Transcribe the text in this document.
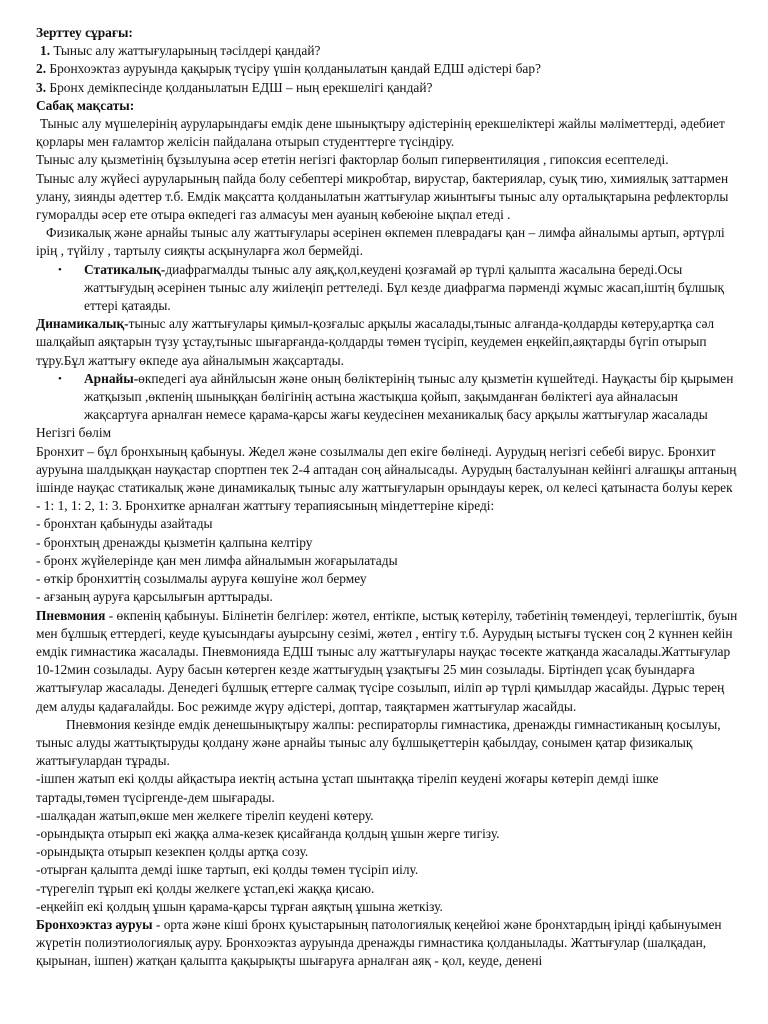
Зерттеу сұрағы:

1. Тыныс алу жаттығуларының тәсілдері қандай?

2. Бронхоэктаз ауруында қақырық түсіру үшін қолданылатын қандай ЕДШ әдістері бар?

3. Бронх демікпесінде қолданылатын ЕДШ – ның ерекшелігі қандай?

Сабақ мақсаты:

Тыныс алу мүшелерінің ауруларындағы емдік дене шынықтыру әдістерінің ерекшеліктері жайлы мәліметтерді, әдебиет қорлары мен ғаламтор желісін пайдалана отырып студенттерге түсіндіру.

Тыныс алу қызметінің бұзылуына әсер ететін негізгі факторлар болып гипервентиляция , гипоксия есептеледі.

Тыныс алу жүйесі ауруларының пайда болу себептері микробтар, вирустар, бактериялар, суық тию, химиялық заттармен улану, зиянды әдеттер т.б. Емдік мақсатта қолданылатын жаттығулар жиынтығы тыныс алу орталықтарына рефлекторлы гуморалды әсер ете отыра өкпедегі газ алмасуы мен ауаның көбеюіне ықпал етеді .

Физикалық және арнайы тыныс алу жаттығулары әсерінен өкпемен плеврадағы қан – лимфа айналымы артып, әртүрлі ірің , түйілу , тартылу сияқты асқынуларға жол бермейді.

• Статикалық-диафрагмалды тыныс алу аяқ,қол,кеудені қозғамай әр түрлі қалыпта жасалына береді.Осы жаттығудың әсерінен тыныс алу жиілеңіп реттеледі. Бұл кезде диафрагма пәрменді жұмыс жасап,іштің бұлшық еттері қатаяды.

Динамикалық-тыныс алу жаттығулары қимыл-қозғалыс арқылы жасалады,тыныс алғанда-қолдарды көтеру,артқа сәл шалқайып аяқтарын түзу ұстау,тыныс шығарғанда-қолдарды төмен түсіріп, кеудемен еңкейіп,аяқтарды бүгіп отырып тұру.Бұл жаттығу өкпеде ауа айналымын жақсартады.

• Арнайы-өкпедегі ауа айнйлысын және оның бөліктерінің тыныс алу қызметін күшейтеді. Науқасты бір қырымен жатқызып ,өкпенің шыныққан бөлігінің астына жастықша қойып, зақымданған бөліктегі ауа айналасын жақсартуға арналған немесе қарама-қарсы жағы кеудесінен механикалық басу арқылы жаттығулар жасалады

Негізгі бөлім

Бронхит – бұл бронхының қабынуы. Жедел және созылмалы деп екіге бөлінеді. Аурудың негізгі себебі вирус. Бронхит ауруына шалдыққан науқастар спортпен тек 2-4 аптадан соң айналысады. Аурудың басталуынан кейінгі алғашқы аптаның ішінде науқас статикалық және динамикалық тыныс алу жаттығуларын орындауы керек, ол келесі қатынаста болуы керек - 1: 1, 1: 2, 1: 3. Бронхитке арналған жаттығу терапиясының міндеттеріне кіреді:

- бронхтан қабынуды азайтады

- бронхтың дренажды қызметін қалпына келтіру

- бронх жүйелерінде қан мен лимфа айналымын жоғарылатады

- өткір бронхиттің созылмалы ауруға көшуіне жол бермеу

- ағзаның ауруға қарсылығын арттырады.

Пневмония - өкпенің қабынуы. Білінетін белгілер: жөтел, ентікпе, ыстық көтерілу, тәбетінің төмендеуі, терлегіштік, буын мен бұлшық еттердегі, кеуде қуысындағы ауырсыну сезімі, жөтел , ентігу т.б. Аурудың ыстығы түскен соң 2 күннен кейін емдік гимнастика жасалады. Пневмонияда ЕДШ тыныс алу жаттығулары науқас төсекте жатқанда жасалады.Жаттығулар 10-12мин созылады. Ауру басын көтерген кезде жаттығудың ұзақтығы 25 мин созылады. Біртіндеп ұсақ буындарға жаттығулар жасалады. Денедегі бұлшық еттерге салмақ түсіре созылып, иіліп әр түрлі қимылдар жасайды. Дұрыс терең дем алуды қадағалайды. Бос режимде жүру әдістері, доптар, таяқтармен жаттығулар жасайды.

Пневмония кезінде емдік денешынықтыру жалпы: респираторлы гимнастика, дренажды гимнастиканың қосылуы, тыныс алуды жаттықтыруды қолдану және арнайы тыныс алу бұлшықеттерін қабылдау, сонымен қатар физикалық жаттығулардан тұрады.

-ішпен жатып екі қолды айқастыра иектің астына ұстап шынтаққа тіреліп кеудені жоғары көтеріп демді ішке тартады,төмен түсіргенде-дем шығарады.

-шалқадан жатып,өкше мен желкеге тіреліп кеудені көтеру.

-орындықта отырып екі жаққа алма-кезек қисайғанда қолдың ұшын жерге тигізу.

-орындықта отырып кезекпен қолды артқа созу.

-отырған қалыпта демді ішке тартып, екі қолды төмен түсіріп иілу.

-түрегеліп тұрып екі қолды желкеге ұстап,екі жаққа қисаю.

-еңкейіп екі қолдың ұшын қарама-қарсы тұрған аяқтың ұшына жеткізу.

Бронхоэктаз ауруы - орта және кіші бронх қуыстарының патологиялық кеңейюі және бронхтардың іріңді қабынуымен жүретін полиэтиологиялық ауру. Бронхоэктаз ауруында дренажды гимнастика қолданылады. Жаттығулар (шалқадан, қырынан, ішпен) жатқан қалыпта қақырықты шығаруға арналған аяқ - қол, кеуде, денені
